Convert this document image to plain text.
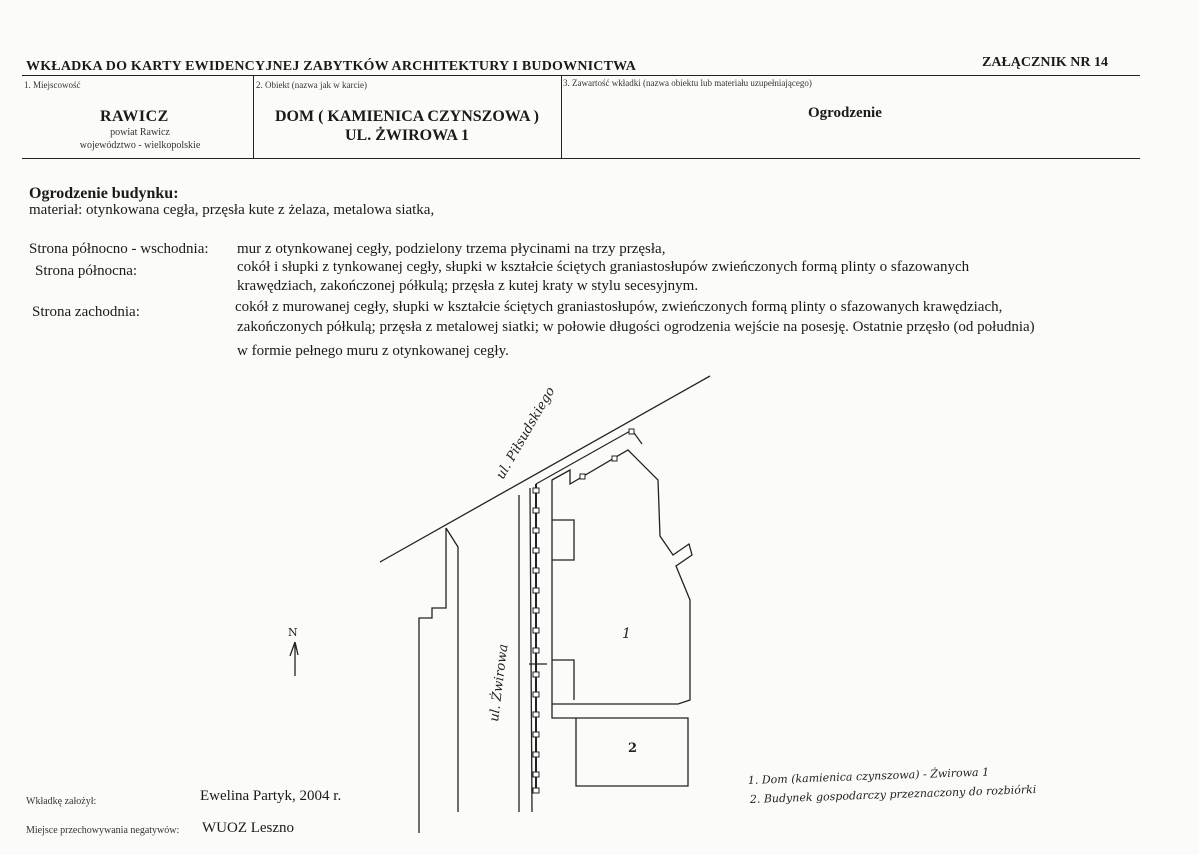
WKŁADKA DO KARTY EWIDENCYJNEJ ZABYTKÓW ARCHITEKTURY I BUDOWNICTWA	ZAŁĄCZNIK NR 14
1. Miejscowość
RAWICZ
powiat Rawicz
województwo - wielkopolskie
2. Obiekt (nazwa jak w karcie)
DOM ( KAMIENICA CZYNSZOWA )
UL. ŻWIROWA 1
3. Zawartość wkładki (nazwa obiektu lub materiału uzupełniającego)
Ogrodzenie
Ogrodzenie budynku:
materiał: otynkowana cegła, przęsła kute z żelaza, metalowa siatka,
Strona północno - wschodnia: mur z otynkowanej cegły, podzielony trzema płycinami na trzy przęsła,
Strona północna:	cokół i słupki z tynkowanej cegły, słupki w kształcie ściętych graniastosłupów zwieńczonych formą plinty o sfazowanych
krawędziach, zakończonej półkulą; przęsła z kutej kraty w stylu secesyjnym.
Strona zachodnia:	cokół z murowanej cegły, słupki w kształcie ściętych graniastosłupów, zwieńczonych formą plinty o sfazowanych krawędziach,
zakończonych półkulą; przęsła z metalowej siatki; w połowie długości ogrodzenia wejście na posesję. Ostatnie przęsło (od południa)
w formie pełnego muru z otynkowanej cegły.
N
ul. Piłsudskiego
ul. Żwirowa
1
2
1. Dom (kamienica czynszowa) - Żwirowa 1
2. Budynek gospodarczy przeznaczony do rozbiórki
Wkładkę założył:	Ewelina Partyk, 2004 r.
Miejsce przechowywania negatywów: WUOZ Leszno
